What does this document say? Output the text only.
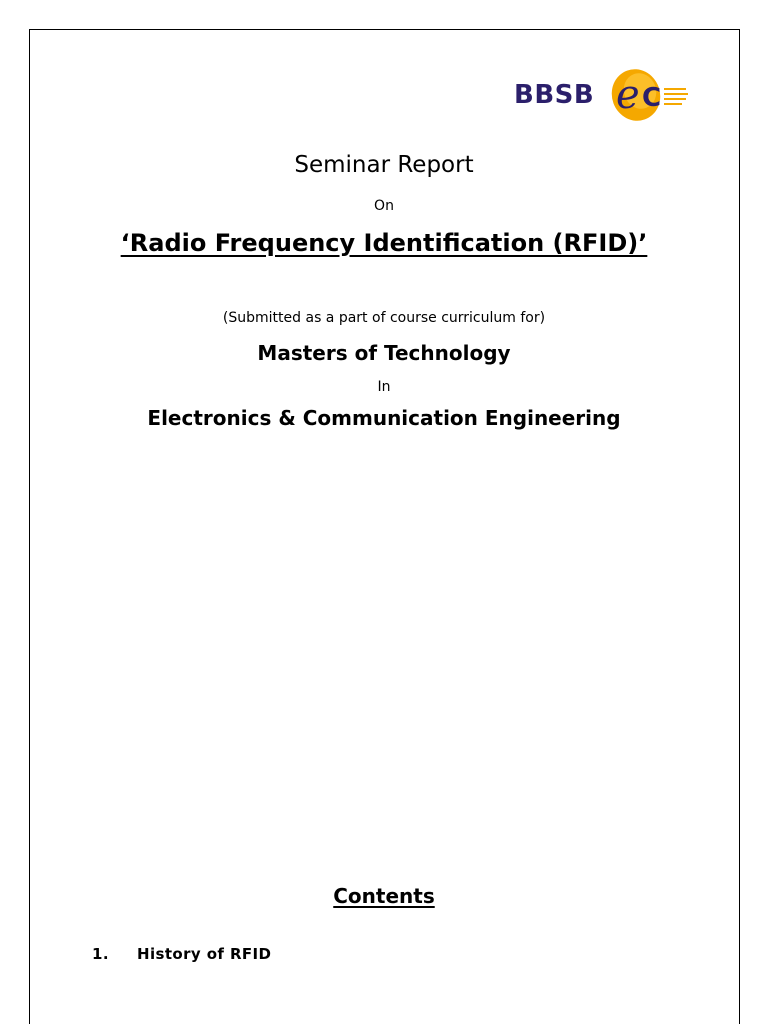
e C
BBSB
Seminar Report
On
‘Radio Frequency Identification (RFID)’
(Submitted as a part of course curriculum for)
Masters of Technology
In
Electronics & Communication Engineering
Contents
1. History of RFID
